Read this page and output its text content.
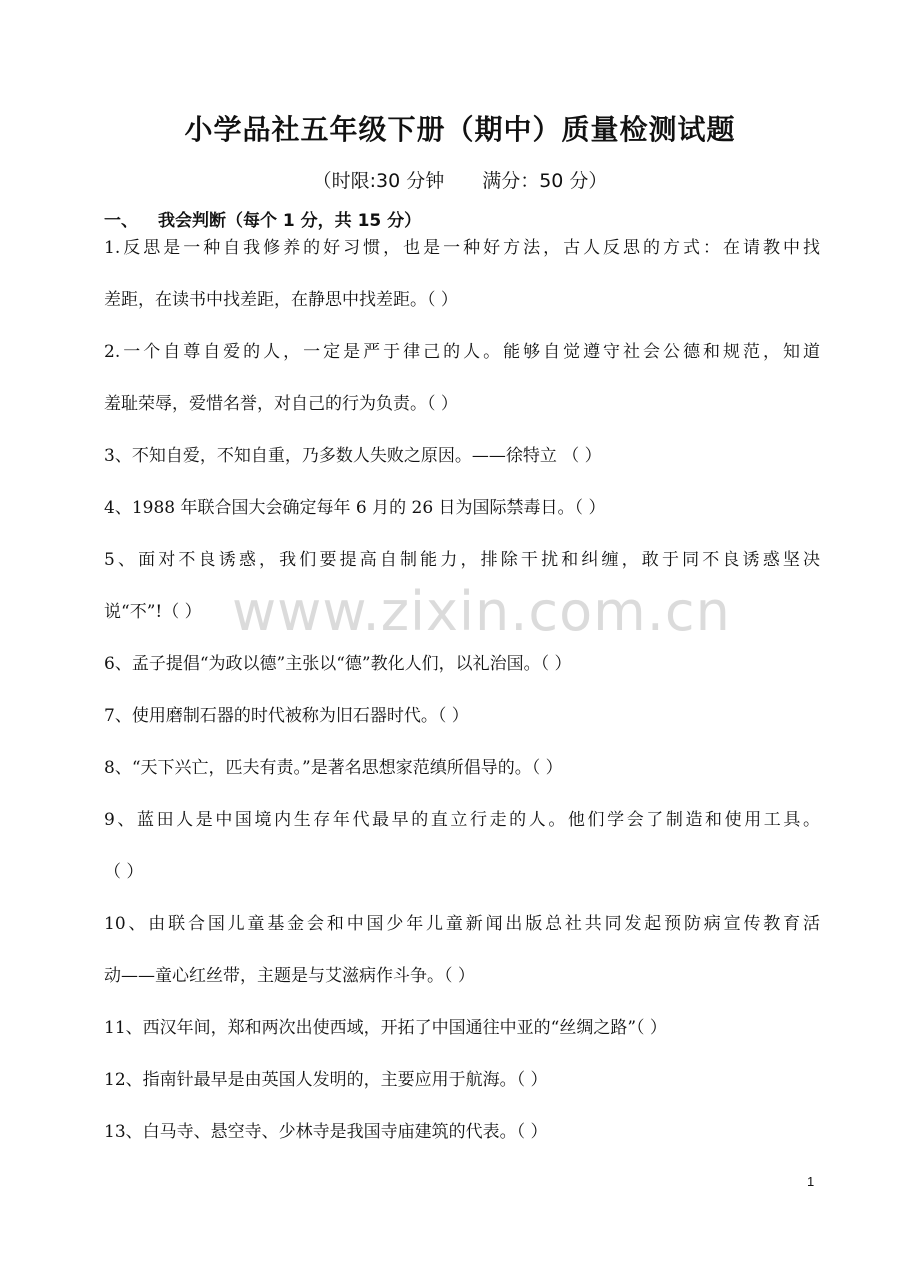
小学品社五年级下册（期中）质量检测试题
（时限:30 分钟 满分：50 分）
一、 我会判断（每个 1 分，共 15 分）
1.反思是一种自我修养的好习惯，也是一种好方法，古人反思的方式：在请教中找
差距，在读书中找差距，在静思中找差距。（ ）
2.一个自尊自爱的人，一定是严于律己的人。能够自觉遵守社会公德和规范，知道
羞耻荣辱，爱惜名誉，对自己的行为负责。（ ）
3、不知自爱，不知自重，乃多数人失败之原因。——徐特立 （ ）
4、1988 年联合国大会确定每年 6 月的 26 日为国际禁毒日。（ ）
5、面对不良诱惑，我们要提高自制能力，排除干扰和纠缠，敢于同不良诱惑坚决
说“不”!（ ）
6、孟子提倡“为政以德”主张以“德”教化人们，以礼治国。（ ）
7、使用磨制石器的时代被称为旧石器时代。（ ）
8、“天下兴亡，匹夫有责。”是著名思想家范缜所倡导的。（ ）
9、蓝田人是中国境内生存年代最早的直立行走的人。他们学会了制造和使用工具。
（ ）
10、由联合国儿童基金会和中国少年儿童新闻出版总社共同发起预防病宣传教育活
动——童心红丝带，主题是与艾滋病作斗争。（ ）
11、西汉年间，郑和两次出使西域，开拓了中国通往中亚的“丝绸之路”（ ）
12、指南针最早是由英国人发明的，主要应用于航海。（ ）
13、白马寺、悬空寺、少林寺是我国寺庙建筑的代表。（ ）
www.zixin.com.cn
1
